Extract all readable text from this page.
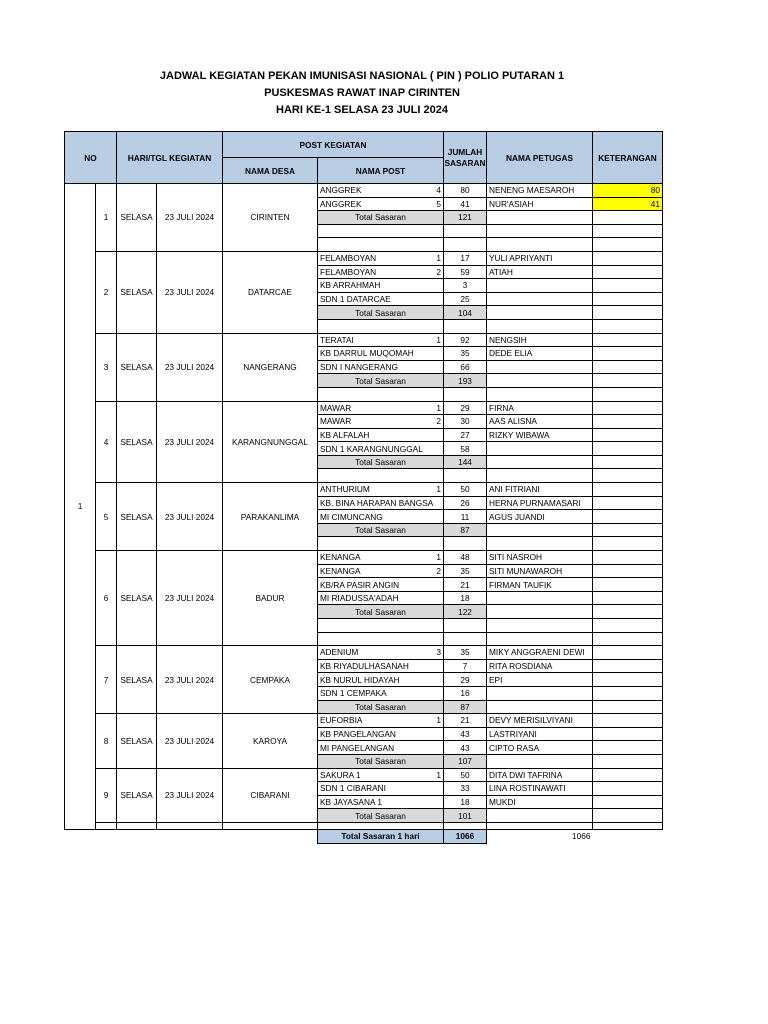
JADWAL KEGIATAN PEKAN IMUNISASI NASIONAL ( PIN ) POLIO PUTARAN 1
PUSKESMAS RAWAT INAP CIRINTEN
HARI KE-1 SELASA 23 JULI 2024
NO		HARI/TGL KEGIATAN		POST KEGIATAN		JUMLAH SASARAN	NAMA PETUGAS	KETERANGAN
				NAMA DESA	NAMA POST			
1	1	SELASA	23 JULI 2024	CIRINTEN	ANGGREK 4	80	NENENG MAESAROH	80
					ANGGREK 5	41	NUR'ASIAH	41
					Total Sasaran	121		

	2	SELASA	23 JULI 2024	DATARCAE	FELAMBOYAN 1	17	YULI APRIYANTI	
					FELAMBOYAN 2	59	ATIAH	
					KB ARRAHMAH	3		
					SDN 1 DATARCAE	25		
					Total Sasaran	104		

	3	SELASA	23 JULI 2024	NANGERANG	TERATAI 1	92	NENGSIH	
					KB DARRUL MUQOMAH	35	DEDE ELIA	
					SDN I NANGERANG	66		
					Total Sasaran	193		

	4	SELASA	23 JULI 2024	KARANGNUNGGAL	MAWAR 1	29	FIRNA	
					MAWAR 2	30	AAS ALISNA	
					KB ALFALAH	27	RIZKY WIBAWA	
					SDN 1 KARANGNUNGGAL	58		
					Total Sasaran	144		

	5	SELASA	23 JULI 2024	PARAKANLIMA	ANTHURIUM 1	50	ANI FITRIANI	
					KB. BINA HARAPAN BANGSA	26	HERNA PURNAMASARI	
					MI CIMUNCANG	11	AGUS JUANDI	
					Total Sasaran	87		

	6	SELASA	23 JULI 2024	BADUR	KENANGA 1	48	SITI NASROH	
					KENANGA 2	35	SITI MUNAWAROH	
					KB/RA PASIR ANGIN	21	FIRMAN TAUFIK	
					MI RIADUSSA'ADAH	18		
					Total Sasaran	122		

	7	SELASA	23 JULI 2024	CEMPAKA	ADENIUM 3	35	MIKY ANGGRAENI DEWI	
					KB RIYADULHASANAH	7	RITA ROSDIANA	
					KB NURUL HIDAYAH	29	EPI	
					SDN 1 CEMPAKA	16		
					Total Sasaran	87		
	8	SELASA	23 JULI 2024	KAROYA	EUFORBIA 1	21	DEVY MERISILVIYANI	
					KB PANGELANGAN	43	LASTRIYANI	
					MI PANGELANGAN	43	CIPTO RASA	
					Total Sasaran	107		
	9	SELASA	23 JULI 2024	CIBARANI	SAKURA 1 1	50	DITA DWI TAFRINA	
					SDN 1 CIBARANI	33	LINA ROSTINAWATI	
					KB JAYASANA 1	18	MUKDI	
					Total Sasaran	101		

					Total Sasaran 1 hari	1066	1066	
